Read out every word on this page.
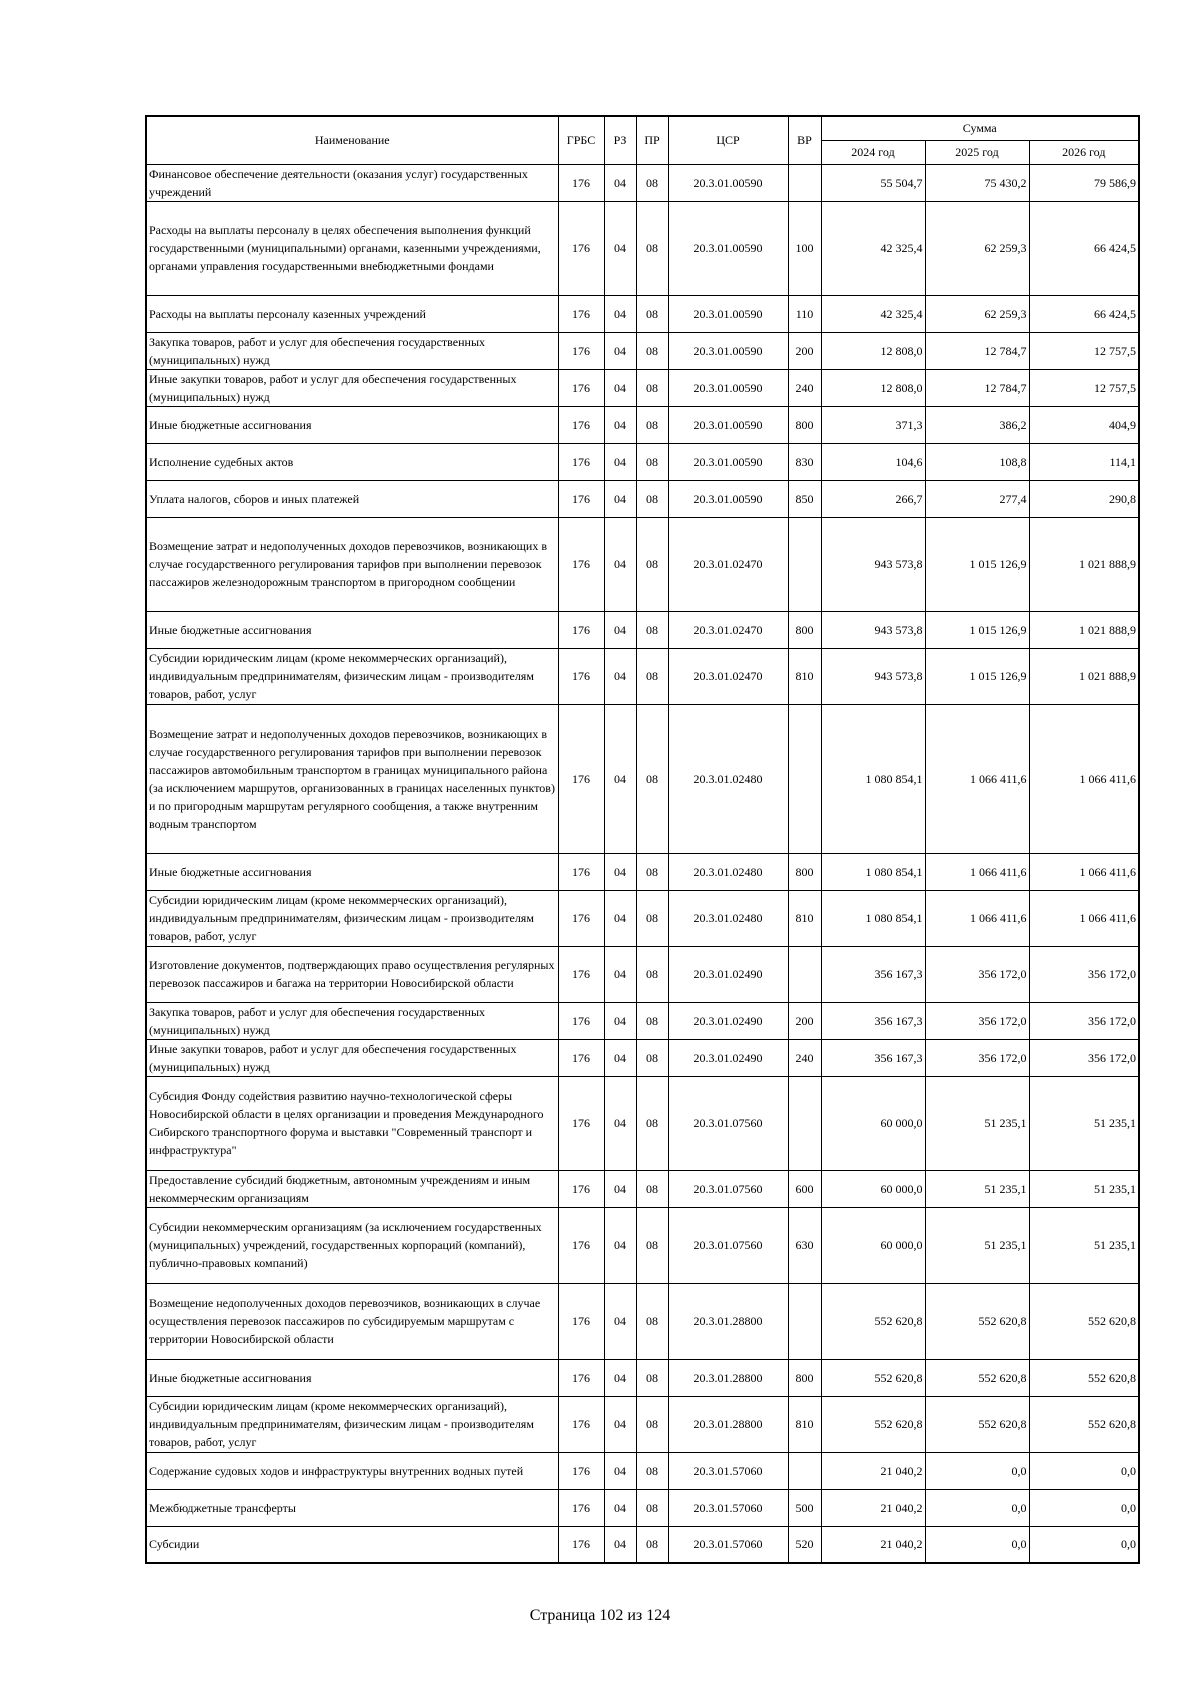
Наименование	ГРБС	РЗ	ПР	ЦСР	ВР	Сумма		
						2024 год	2025 год	2026 год
Финансовое обеспечение деятельности (оказания услуг) государственных учреждений	176	04	08	20.3.01.00590		55 504,7	75 430,2	79 586,9
Расходы на выплаты персоналу в целях обеспечения выполнения функций государственными (муниципальными) органами, казенными учреждениями, органами управления государственными внебюджетными фондами	176	04	08	20.3.01.00590	100	42 325,4	62 259,3	66 424,5
Расходы на выплаты персоналу казенных учреждений	176	04	08	20.3.01.00590	110	42 325,4	62 259,3	66 424,5
Закупка товаров, работ и услуг для обеспечения государственных (муниципальных) нужд	176	04	08	20.3.01.00590	200	12 808,0	12 784,7	12 757,5
Иные закупки товаров, работ и услуг для обеспечения государственных (муниципальных) нужд	176	04	08	20.3.01.00590	240	12 808,0	12 784,7	12 757,5
Иные бюджетные ассигнования	176	04	08	20.3.01.00590	800	371,3	386,2	404,9
Исполнение судебных актов	176	04	08	20.3.01.00590	830	104,6	108,8	114,1
Уплата налогов, сборов и иных платежей	176	04	08	20.3.01.00590	850	266,7	277,4	290,8
Возмещение затрат и недополученных доходов перевозчиков, возникающих в случае государственного регулирования тарифов при выполнении перевозок пассажиров железнодорожным транспортом в пригородном сообщении	176	04	08	20.3.01.02470		943 573,8	1 015 126,9	1 021 888,9
Иные бюджетные ассигнования	176	04	08	20.3.01.02470	800	943 573,8	1 015 126,9	1 021 888,9
Субсидии юридическим лицам (кроме некоммерческих организаций), индивидуальным предпринимателям, физическим лицам - производителям товаров, работ, услуг	176	04	08	20.3.01.02470	810	943 573,8	1 015 126,9	1 021 888,9
Возмещение затрат и недополученных доходов перевозчиков, возникающих в случае государственного регулирования тарифов при выполнении перевозок пассажиров автомобильным транспортом в границах муниципального района (за исключением маршрутов, организованных в границах населенных пунктов) и по пригородным маршрутам регулярного сообщения, а также внутренним водным транспортом	176	04	08	20.3.01.02480		1 080 854,1	1 066 411,6	1 066 411,6
Иные бюджетные ассигнования	176	04	08	20.3.01.02480	800	1 080 854,1	1 066 411,6	1 066 411,6
Субсидии юридическим лицам (кроме некоммерческих организаций), индивидуальным предпринимателям, физическим лицам - производителям товаров, работ, услуг	176	04	08	20.3.01.02480	810	1 080 854,1	1 066 411,6	1 066 411,6
Изготовление документов, подтверждающих право осуществления регулярных перевозок пассажиров и багажа на территории Новосибирской области	176	04	08	20.3.01.02490		356 167,3	356 172,0	356 172,0
Закупка товаров, работ и услуг для обеспечения государственных (муниципальных) нужд	176	04	08	20.3.01.02490	200	356 167,3	356 172,0	356 172,0
Иные закупки товаров, работ и услуг для обеспечения государственных (муниципальных) нужд	176	04	08	20.3.01.02490	240	356 167,3	356 172,0	356 172,0
Субсидия Фонду содействия развитию научно-технологической сферы Новосибирской области в целях организации и проведения Международного Сибирского транспортного форума и выставки "Современный транспорт и инфраструктура"	176	04	08	20.3.01.07560		60 000,0	51 235,1	51 235,1
Предоставление субсидий бюджетным, автономным учреждениям и иным некоммерческим организациям	176	04	08	20.3.01.07560	600	60 000,0	51 235,1	51 235,1
Субсидии некоммерческим организациям (за исключением государственных (муниципальных) учреждений, государственных корпораций (компаний), публично-правовых компаний)	176	04	08	20.3.01.07560	630	60 000,0	51 235,1	51 235,1
Возмещение недополученных доходов перевозчиков, возникающих в случае осуществления перевозок пассажиров по субсидируемым маршрутам с территории Новосибирской области	176	04	08	20.3.01.28800		552 620,8	552 620,8	552 620,8
Иные бюджетные ассигнования	176	04	08	20.3.01.28800	800	552 620,8	552 620,8	552 620,8
Субсидии юридическим лицам (кроме некоммерческих организаций), индивидуальным предпринимателям, физическим лицам - производителям товаров, работ, услуг	176	04	08	20.3.01.28800	810	552 620,8	552 620,8	552 620,8
Содержание судовых ходов и инфраструктуры внутренних водных путей	176	04	08	20.3.01.57060		21 040,2	0,0	0,0
Межбюджетные трансферты	176	04	08	20.3.01.57060	500	21 040,2	0,0	0,0
Субсидии	176	04	08	20.3.01.57060	520	21 040,2	0,0	0,0
Страница 102 из 124
